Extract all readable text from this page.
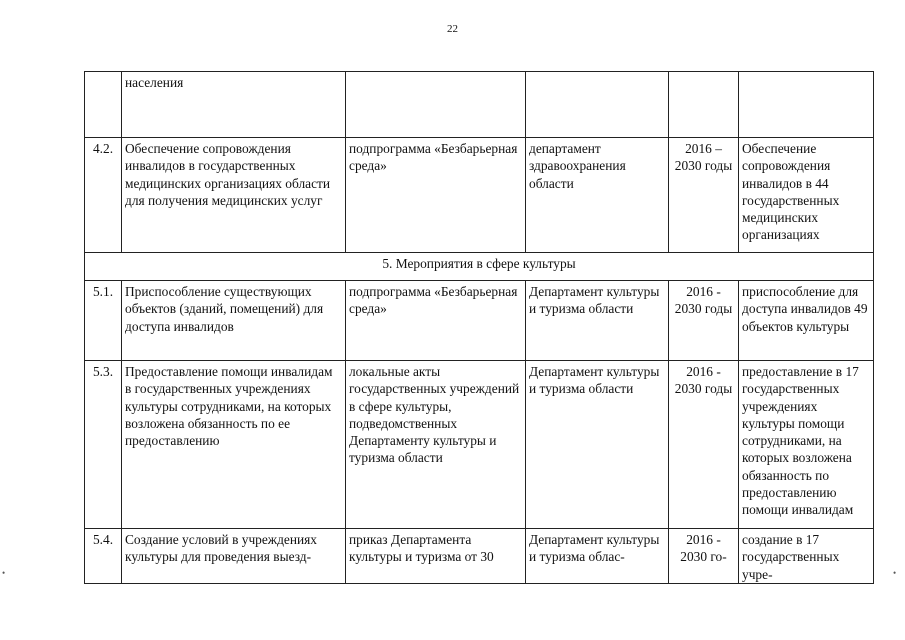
22
	населения				
4.2.	Обеспечение сопровождения инвалидов в государственных медицинских организациях области для получения медицинских услуг	подпрограмма «Безбарьерная среда»	департамент здравоохранения области	2016 – 2030 годы	Обеспечение сопровождения инвалидов в 44 государственных медицинских организациях
5. Мероприятия в сфере культуры					
5.1.	Приспособление существующих объектов (зданий, помещений) для доступа инвалидов	подпрограмма «Безбарьерная среда»	Департамент культуры и туризма области	2016 - 2030 годы	приспособление для доступа инвалидов 49 объектов культуры
5.3.	Предоставление помощи инвалидам в государственных учреждениях культуры сотрудниками, на которых возложена обязанность по ее предоставлению	локальные акты государственных учреждений в сфере культуры, подведомственных Департаменту культуры и туризма области	Департамент культуры и туризма области	2016 - 2030 годы	предоставление в 17 государственных учреждениях культуры помощи сотрудниками, на которых возложена обязанность по предоставлению помощи инвалидам
5.4.	Создание условий в учреждениях культуры для проведения выезд-	приказ Департамента культуры и туризма от 30	Департамент культуры и туризма облас-	2016 - 2030 го-	создание в 17 государственных учре-
•	•
